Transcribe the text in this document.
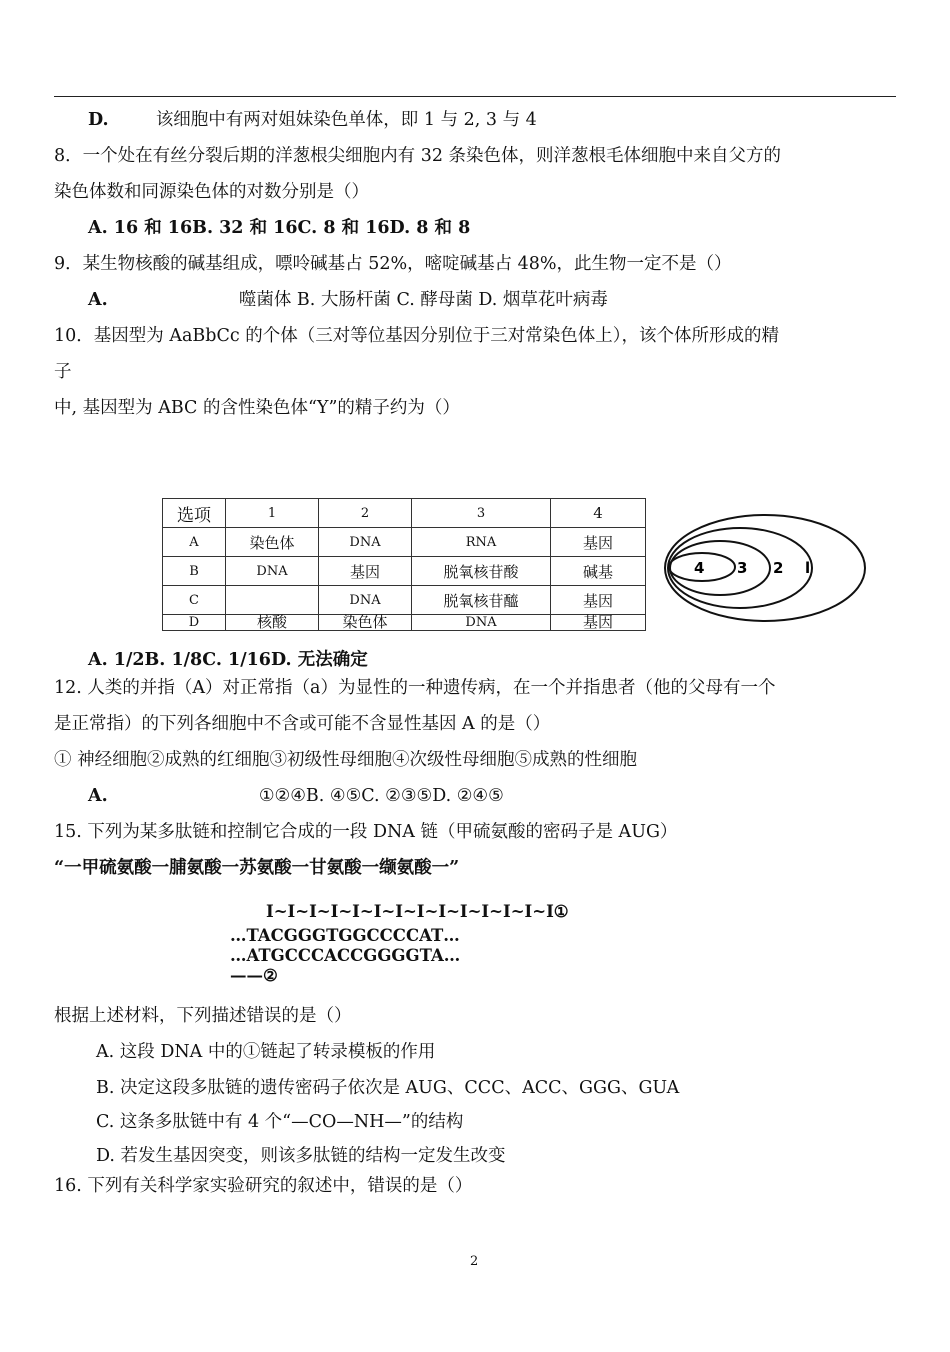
D.	该细胞中有两对姐妹染色单体，即 1 与 2, 3 与 4
8．一个处在有丝分裂后期的洋葱根尖细胞内有 32 条染色体，则洋葱根毛体细胞中来自父方的
染色体数和同源染色体的对数分别是（）
A. 16 和 16B. 32 和 16C. 8 和 16D. 8 和 8
9．某生物核酸的碱基组成，嘌呤碱基占 52%，嘧啶碱基占 48%，此生物一定不是（）
A.	噬菌体 B. 大肠杆菌 C. 酵母菌 D. 烟草花叶病毒
10．基因型为 AaBbCc 的个体（三对等位基因分别位于三对常染色体上），该个体所形成的精
子
中, 基因型为 ABC 的含性染色体“Y”的精子约为（）
选项	1	2	3	4
A	染色体	DNA	RNA	基因
B	DNA	基因	脱氧核苷酸	碱基
C		DNA	脱氧核苷醯	基因
D	核酸	染色体	DNA	基因
4 3 2 l
A. 1/2B. 1/8C. 1/16D. 无法确定
12. 人类的并指（A）对正常指（a）为显性的一种遗传病，在一个并指患者（他的父母有一个
是正常指）的下列各细胞中不含或可能不含显性基因 A 的是（）
① 神经细胞②成熟的红细胞③初级性母细胞④次级性母细胞⑤成熟的性细胞
A.	①②④B. ④⑤C. ②③⑤D. ②④⑤
15. 下列为某多肽链和控制它合成的一段 DNA 链（甲硫氨酸的密码子是 AUG）
“一甲硫氨酸一脯氨酸一苏氨酸一甘氨酸一缬氨酸一”
I~I~I~I~I~I~I~I~I~I~I~I~I~I①
…TACGGGTGGCCCCAT…
…ATGCCCACCGGGGTA…
——②
根据上述材料，下列描述错误的是（）
A. 这段 DNA 中的①链起了转录模板的作用
B. 决定这段多肽链的遗传密码子依次是 AUG、CCC、ACC、GGG、GUA
C. 这条多肽链中有 4 个“—CO—NH—”的结构
D. 若发生基因突变，则该多肽链的结构一定发生改变
16. 下列有关科学家实验研究的叙述中，错误的是（）
2
